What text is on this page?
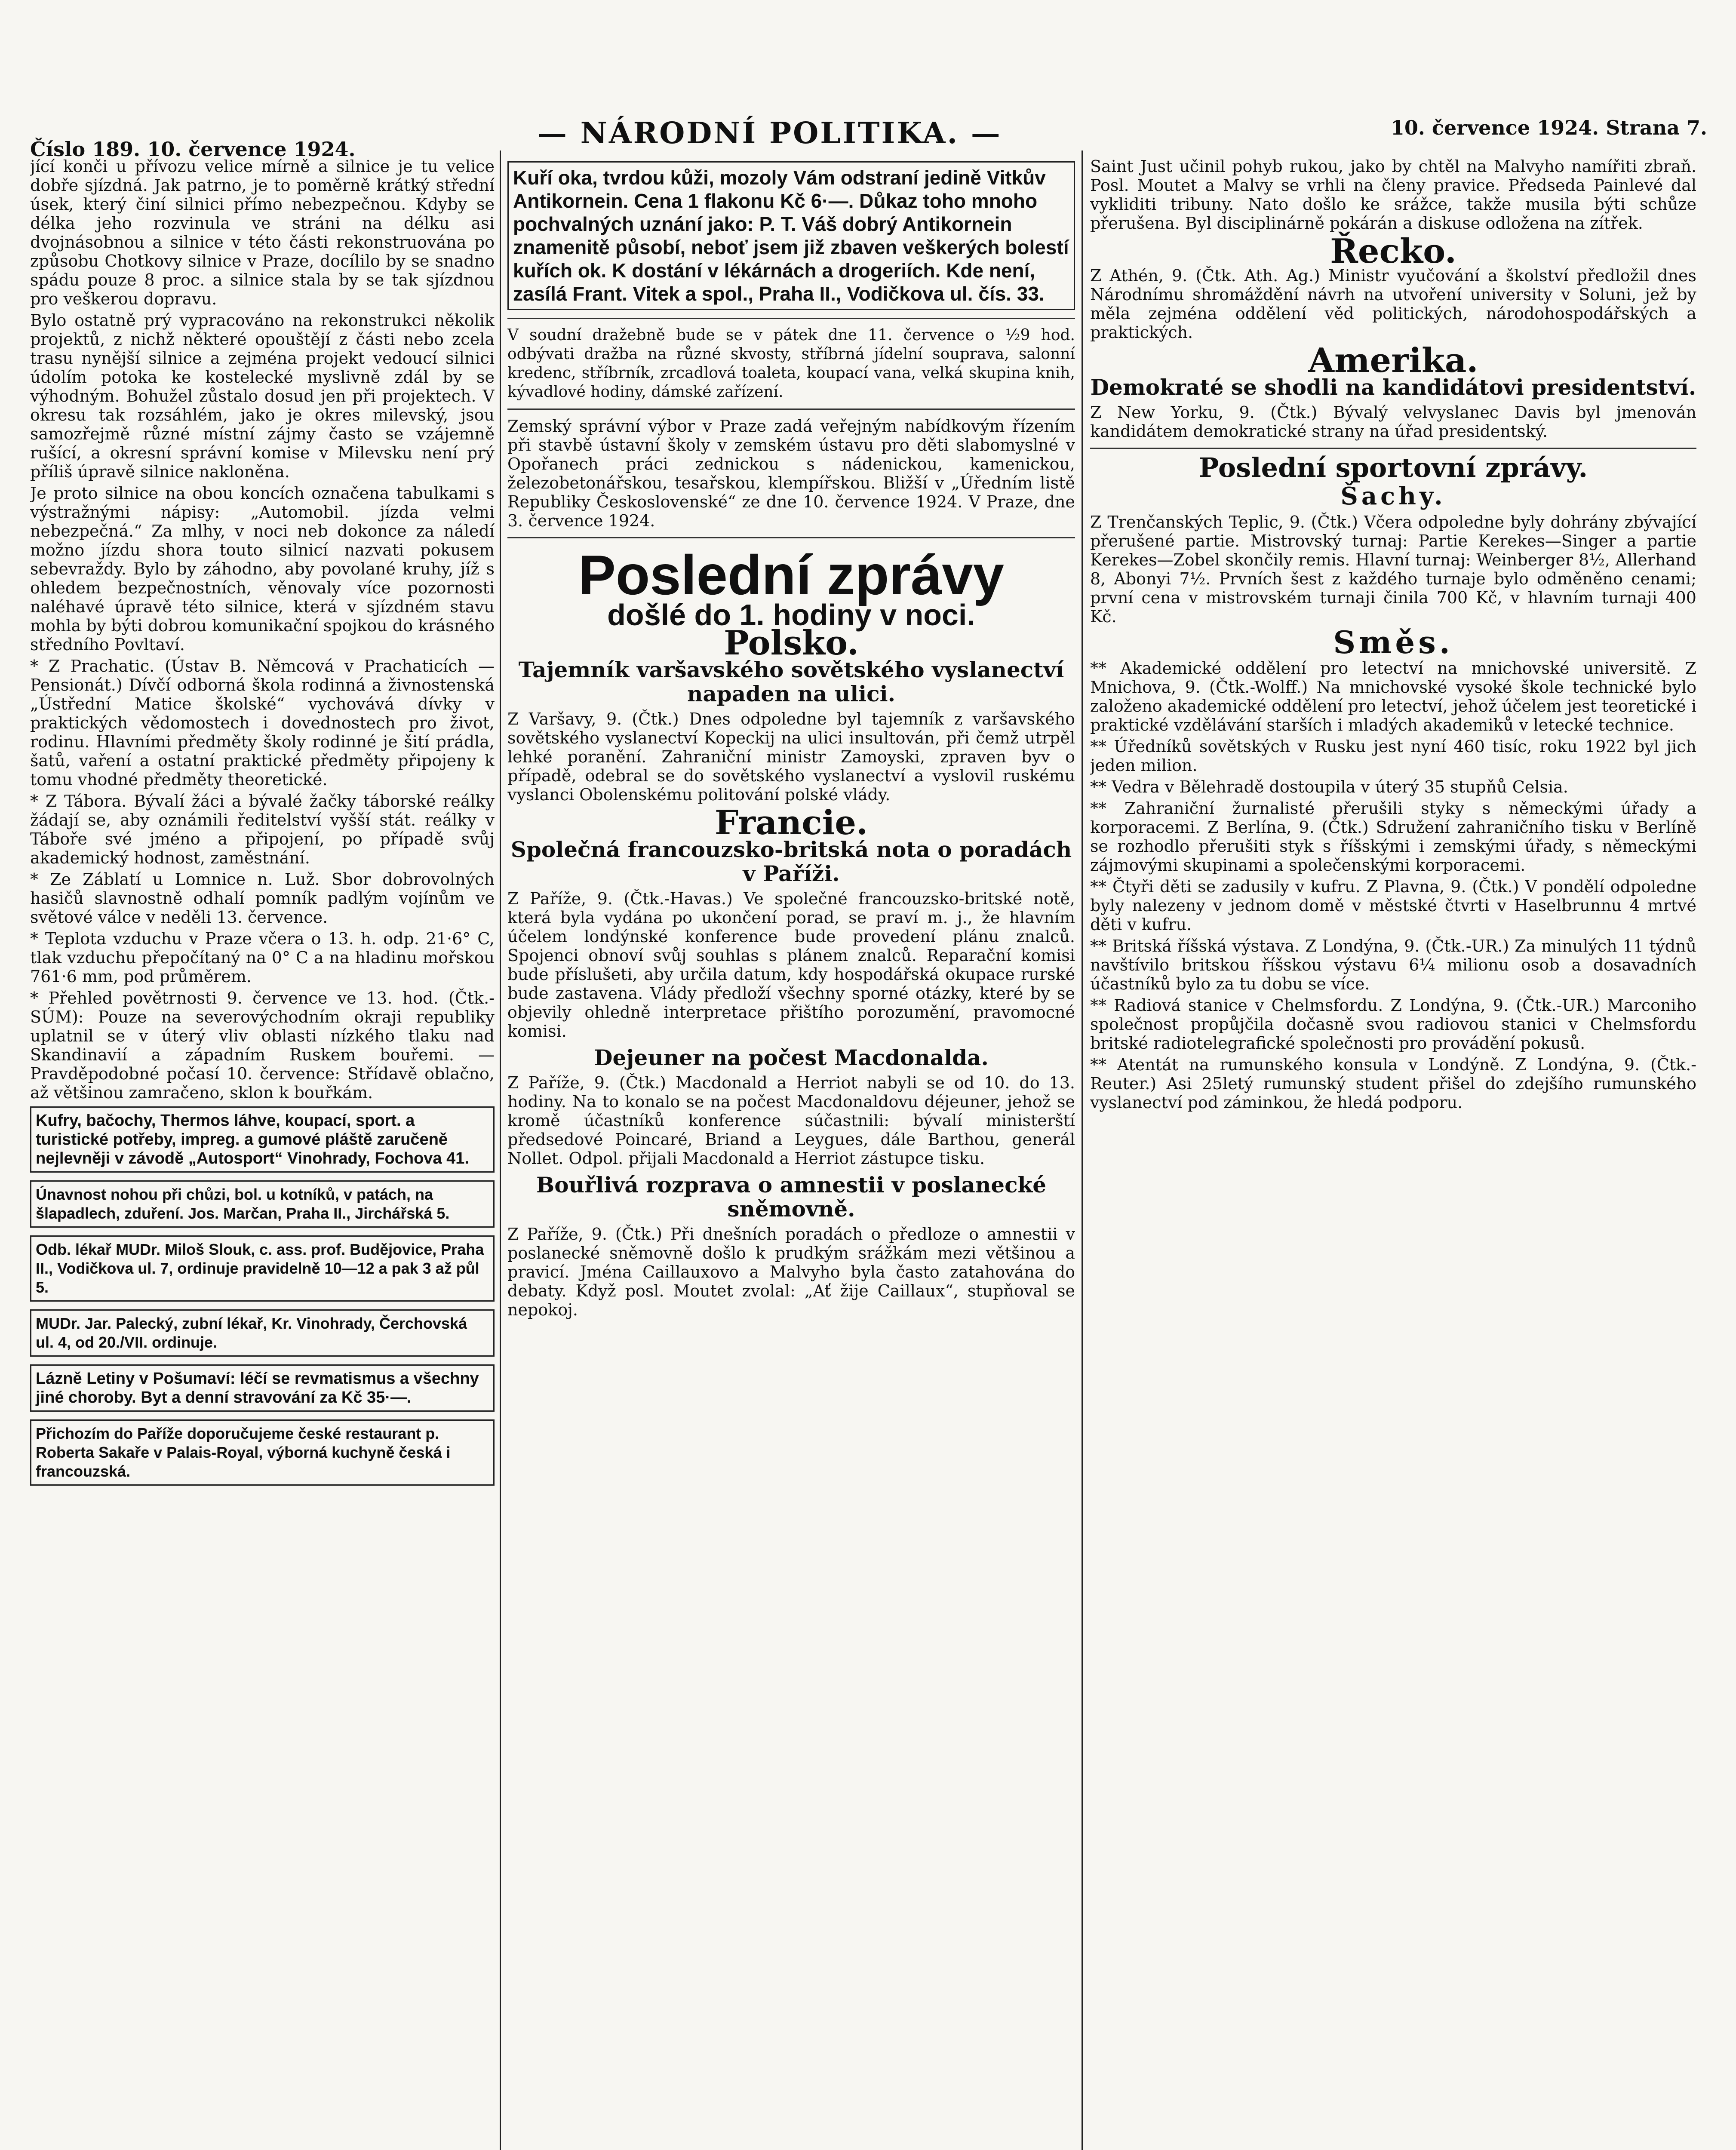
Číslo 189. 10. července 1924.	— NÁRODNÍ POLITIKA. —	10. července 1924. Strana 7.

jící konči u přívozu velice mírně a silnice je tu velice dobře sjízdná. Jak patrno, je to poměrně krátký střední úsek, který činí silnici přímo nebezpečnou. Kdyby se délka jeho rozvinula ve stráni na délku asi dvojnásobnou a silnice v této části rekonstruována po způsobu Chotkovy silnice v Praze, docílilo by se snadno spádu pouze 8 proc. a silnice stala by se tak sjízdnou pro veškerou dopravu.

Bylo ostatně prý vypracováno na rekonstrukci několik projektů, z nichž některé opouštějí z části nebo zcela trasu nynější silnice a zejména projekt vedoucí silnici údolím potoka ke kostelecké myslivně zdál by se výhodným. Bohužel zůstalo dosud jen při projektech. V okresu tak rozsáhlém, jako je okres milevský, jsou samozřejmě různé místní zájmy často se vzájemně rušící, a okresní správní komise v Milevsku není prý příliš úpravě silnice nakloněna.

Je proto silnice na obou koncích označena tabulkami s výstražnými nápisy: „Automobil. jízda velmi nebezpečná.“ Za mlhy, v noci neb dokonce za náledí možno jízdu shora touto silnicí nazvati pokusem sebevraždy. Bylo by záhodno, aby povolané kruhy, jíž s ohledem bezpečnostních, věnovaly více pozornosti naléhavé úpravě této silnice, která v sjízdném stavu mohla by býti dobrou komunikační spojkou do krásného středního Povltaví.

* Z Prachatic. (Ústav B. Němcová v Prachaticích — Pensionát.) Dívčí odborná škola rodinná a živnostenská „Ústřední Matice školské“ vychovává dívky v praktických vědomostech i dovednostech pro život, rodinu. Hlavními předměty školy rodinné je šití prádla, šatů, vaření a ostatní praktické předměty připojeny k tomu vhodné předměty theoretické.

* Z Tábora. Bývalí žáci a bývalé žačky táborské reálky žádají se, aby oznámili ředitelství vyšší stát. reálky v Táboře své jméno a připojení, po případě svůj akademický hodnost, zaměstnání.

* Ze Záblatí u Lomnice n. Luž. Sbor dobrovolných hasičů slavnostně odhalí pomník padlým vojínům ve světové válce v neděli 13. července.

* Teplota vzduchu v Praze včera o 13. h. odp. 21·6° C, tlak vzduchu přepočítaný na 0° C a na hladinu mořskou 761·6 mm, pod průměrem.

* Přehled povětrnosti 9. července ve 13. hod. (Čtk.-SÚM): Pouze na severovýchodním okraji republiky uplatnil se v úterý vliv oblasti nízkého tlaku nad Skandinavií a západním Ruskem bouřemi. — Pravděpodobné počasí 10. července: Střídavě oblačno, až většinou zamračeno, sklon k bouřkám.

Kufry, bačochy, Thermos láhve, koupací, sport. a turistické potřeby, impreg. a gumové pláště zaručeně nejlevněji v závodě „Autosport“ Vinohrady, Fochova 41.
Únavnost nohou při chůzi, bol. u kotníků, v patách, na šlapadlech, zduření. Jos. Marčan, Praha II., Jirchářská 5.
Odb. lékař MUDr. Miloš Slouk, c. ass. prof. Budějovice, Praha II., Vodičkova ul. 7, ordinuje pravidelně 10—12 a pak 3 až půl 5.
MUDr. Jar. Palecký, zubní lékař, Kr. Vinohrady, Čerchovská ul. 4, od 20./VII. ordinuje.
Lázně Letiny v Pošumaví: léčí se revmatismus a všechny jiné choroby. Byt a denní stravování za Kč 35·—.
Přichozím do Paříže doporučujeme české restaurant p. Roberta Sakaře v Palais-Royal, výborná kuchyně česká i francouzská.
Kuří oka, tvrdou kůži, mozoly Vám odstraní jedině Vitkův Antikornein. Cena 1 flakonu Kč 6·—. Důkaz toho mnoho pochvalných uznání jako: P. T. Váš dobrý Antikornein znamenitě působí, neboť jsem již zbaven veškerých bolestí kuřích ok. K dostání v lékárnách a drogeriích. Kde není, zasílá Frant. Vitek a spol., Praha II., Vodičkova ul. čís. 33.

V soudní dražebně bude se v pátek dne 11. července o ½9 hod. odbývati dražba na různé skvosty, stříbrná jídelní souprava, salonní kredenc, stříbrník, zrcadlová toaleta, koupací vana, velká skupina knih, kývadlové hodiny, dámské zařízení.

Zemský správní výbor v Praze zadá veřejným nabídkovým řízením při stavbě ústavní školy v zemském ústavu pro děti slabomyslné v Opořanech práci zednickou s nádenickou, kamenickou, železobetonářskou, tesařskou, klempířskou. Bližší v „Úředním listě Republiky Československé“ ze dne 10. července 1924. V Praze, dne 3. července 1924.

Poslední zprávy
došlé do 1. hodiny v noci.
Polsko.
Tajemník varšavského sovětského vyslanectví napaden na ulici.

Z Varšavy, 9. (Čtk.) Dnes odpoledne byl tajemník z varšavského sovětského vyslanectví Kopeckij na ulici insultován, při čemž utrpěl lehké poranění. Zahraniční ministr Zamoyski, zpraven byv o případě, odebral se do sovětského vyslanectví a vyslovil ruskému vyslanci Obolenskému politování polské vlády.

Francie.
Společná francouzsko-britská nota o poradách v Paříži.

Z Paříže, 9. (Čtk.-Havas.) Ve společné francouzsko-britské notě, která byla vydána po ukončení porad, se praví m. j., že hlavním účelem londýnské konference bude provedení plánu znalců. Spojenci obnoví svůj souhlas s plánem znalců. Reparační komisi bude příslušeti, aby určila datum, kdy hospodářská okupace rurské bude zastavena. Vlády předloží všechny sporné otázky, které by se objevily ohledně interpretace přištího porozumění, pravomocné komisi.

Dejeuner na počest Macdonalda.

Z Paříže, 9. (Čtk.) Macdonald a Herriot nabyli se od 10. do 13. hodiny. Na to konalo se na počest Macdonaldovu déjeuner, jehož se kromě účastníků konference súčastnili: bývalí ministerští předsedové Poincaré, Briand a Leygues, dále Barthou, generál Nollet. Odpol. přijali Macdonald a Herriot zástupce tisku.

Bouřlivá rozprava o amnestii v poslanecké sněmovně.

Z Paříže, 9. (Čtk.) Při dnešních poradách o předloze o amnestii v poslanecké sněmovně došlo k prudkým srážkám mezi většinou a pravicí. Jména Caillauxovo a Malvyho byla často zatahována do debaty. Když posl. Moutet zvolal: „Ať žije Caillaux“, stupňoval se nepokoj.

Saint Just učinil pohyb rukou, jako by chtěl na Malvyho namířiti zbraň. Posl. Moutet a Malvy se vrhli na členy pravice. Předseda Painlevé dal vykliditi tribuny. Nato došlo ke srážce, takže musila býti schůze přerušena. Byl disciplinárně pokárán a diskuse odložena na zítřek.

Řecko.

Z Athén, 9. (Čtk. Ath. Ag.) Ministr vyučování a školství předložil dnes Národnímu shromáždění návrh na utvoření university v Soluni, jež by měla zejména oddělení věd politických, národohospodářských a praktických.

Amerika.
Demokraté se shodli na kandidátovi presidentství.

Z New Yorku, 9. (Čtk.) Bývalý velvyslanec Davis byl jmenován kandidátem demokratické strany na úřad presidentský.

Poslední sportovní zprávy.
Šachy.

Z Trenčanských Teplic, 9. (Čtk.) Včera odpoledne byly dohrány zbývající přerušené partie. Mistrovský turnaj: Partie Kerekes—Singer a partie Kerekes—Zobel skončily remis. Hlavní turnaj: Weinberger 8½, Allerhand 8, Abonyi 7½. Prvních šest z každého turnaje bylo odměněno cenami; první cena v mistrovském turnaji činila 700 Kč, v hlavním turnaji 400 Kč.

Směs.

** Akademické oddělení pro letectví na mnichovské universitě. Z Mnichova, 9. (Čtk.-Wolff.) Na mnichovské vysoké škole technické bylo založeno akademické oddělení pro letectví, jehož účelem jest teoretické i praktické vzdělávání starších i mladých akademiků v letecké technice.

** Úředníků sovětských v Rusku jest nyní 460 tisíc, roku 1922 byl jich jeden milion.

** Vedra v Bělehradě dostoupila v úterý 35 stupňů Celsia.

** Zahraniční žurnalisté přerušili styky s německými úřady a korporacemi. Z Berlína, 9. (Čtk.) Sdružení zahraničního tisku v Berlíně se rozhodlo přerušiti styk s říšskými i zemskými úřady, s německými zájmovými skupinami a společenskými korporacemi.

** Čtyři děti se zadusily v kufru. Z Plavna, 9. (Čtk.) V pondělí odpoledne byly nalezeny v jednom domě v městské čtvrti v Haselbrunnu 4 mrtvé děti v kufru.

** Britská říšská výstava. Z Londýna, 9. (Čtk.-UR.) Za minulých 11 týdnů navštívilo britskou říšskou výstavu 6¼ milionu osob a dosavadních účastníků bylo za tu dobu se více.

** Radiová stanice v Chelmsfordu. Z Londýna, 9. (Čtk.-UR.) Marconiho společnost propůjčila dočasně svou radiovou stanici v Chelmsfordu britské radiotelegrafické společnosti pro provádění pokusů.

** Atentát na rumunského konsula v Londýně. Z Londýna, 9. (Čtk.-Reuter.) Asi 25letý rumunský student přišel do zdejšího rumunského vyslanectví pod záminkou, že hledá podporu.
